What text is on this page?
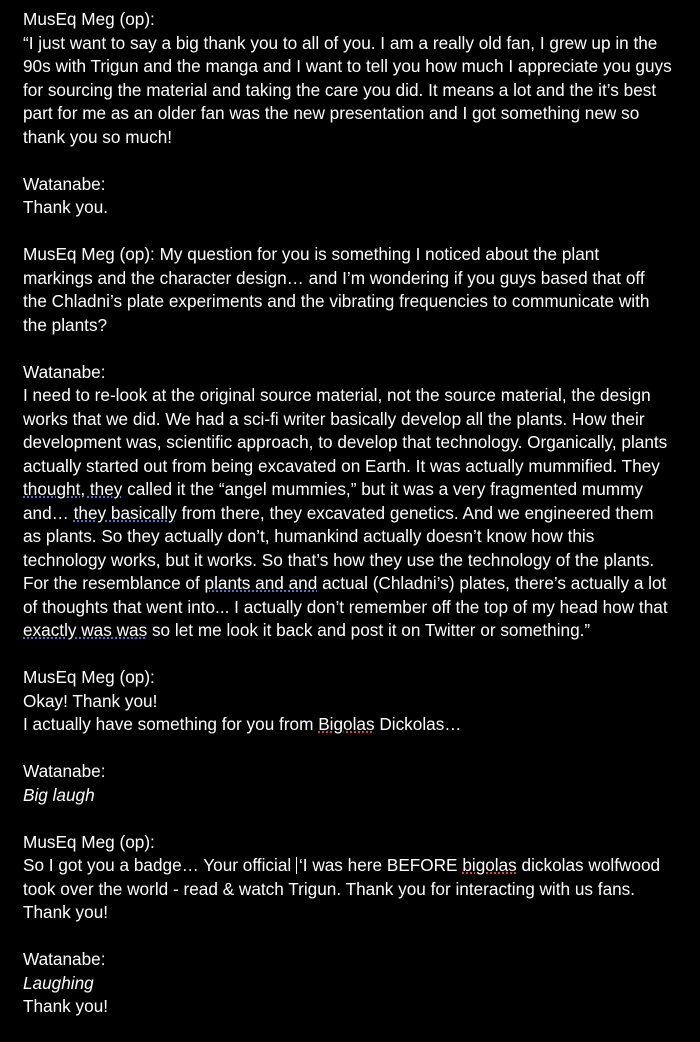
MusEq Meg (op):
“I just want to say a big thank you to all of you. I am a really old fan, I grew up in the
90s with Trigun and the manga and I want to tell you how much I appreciate you guys
for sourcing the material and taking the care you did. It means a lot and the it’s best
part for me as an older fan was the new presentation and I got something new so
thank you so much!
Watanabe:
Thank you.
MusEq Meg (op): My question for you is something I noticed about the plant
markings and the character design… and I’m wondering if you guys based that off
the Chladni’s plate experiments and the vibrating frequencies to communicate with
the plants?
Watanabe:
I need to re-look at the original source material, not the source material, the design
works that we did. We had a sci-fi writer basically develop all the plants. How their
development was, scientific approach, to develop that technology. Organically, plants
actually started out from being excavated on Earth. It was actually mummified. They
thought, they called it the “angel mummies,” but it was a very fragmented mummy
and… they basically from there, they excavated genetics. And we engineered them
as plants. So they actually don’t, humankind actually doesn’t know how this
technology works, but it works. So that’s how they use the technology of the plants.
For the resemblance of plants and and actual (Chladni’s) plates, there’s actually a lot
of thoughts that went into... I actually don’t remember off the top of my head how that
exactly was was so let me look it back and post it on Twitter or something.”
MusEq Meg (op):
Okay! Thank you!
I actually have something for you from Bigolas Dickolas…
Watanabe:
Big laugh
MusEq Meg (op):
So I got you a badge… Your official ‘I was here BEFORE bigolas dickolas wolfwood
took over the world - read & watch Trigun. Thank you for interacting with us fans.
Thank you!
Watanabe:
Laughing
Thank you!
